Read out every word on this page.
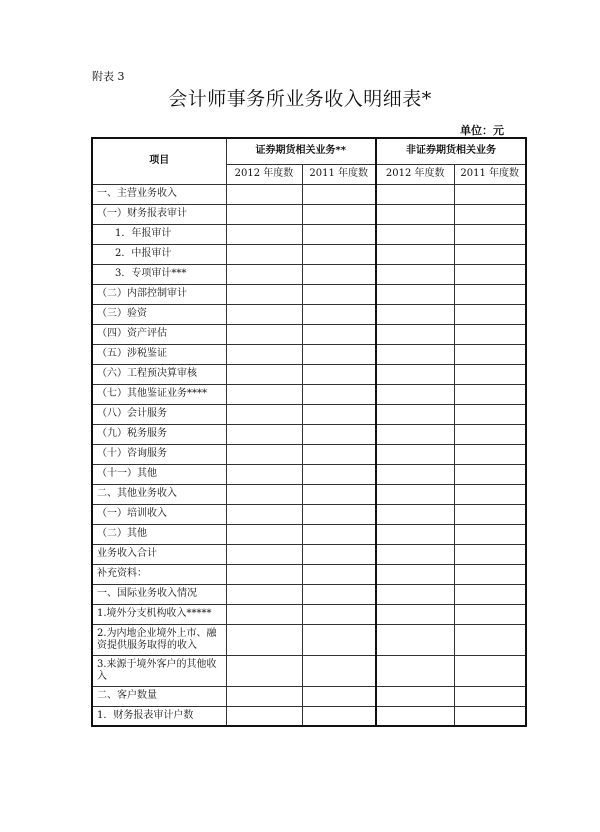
附表 3
会计师事务所业务收入明细表*
单位：元
项目	证券期货相关业务**		非证券期货相关业务	
	2012 年度数	2011 年度数	2012 年度数	2011 年度数
一、主营业务收入				
（一）财务报表审计				
1．年报审计				
2．中报审计				
3．专项审计***				
（二）内部控制审计				
（三）验资				
（四）资产评估				
（五）涉税鉴证				
（六）工程预决算审核				
（七）其他鉴证业务****				
（八）会计服务				
（九）税务服务				
（十）咨询服务				
（十一）其他				
二、其他业务收入				
（一）培训收入				
（二）其他				
业务收入合计				
补充资料：				
一、国际业务收入情况				
1.境外分支机构收入*****				
2.为内地企业境外上市、融资提供服务取得的收入				
3.来源于境外客户的其他收入				
二、客户数量				
1．财务报表审计户数				
